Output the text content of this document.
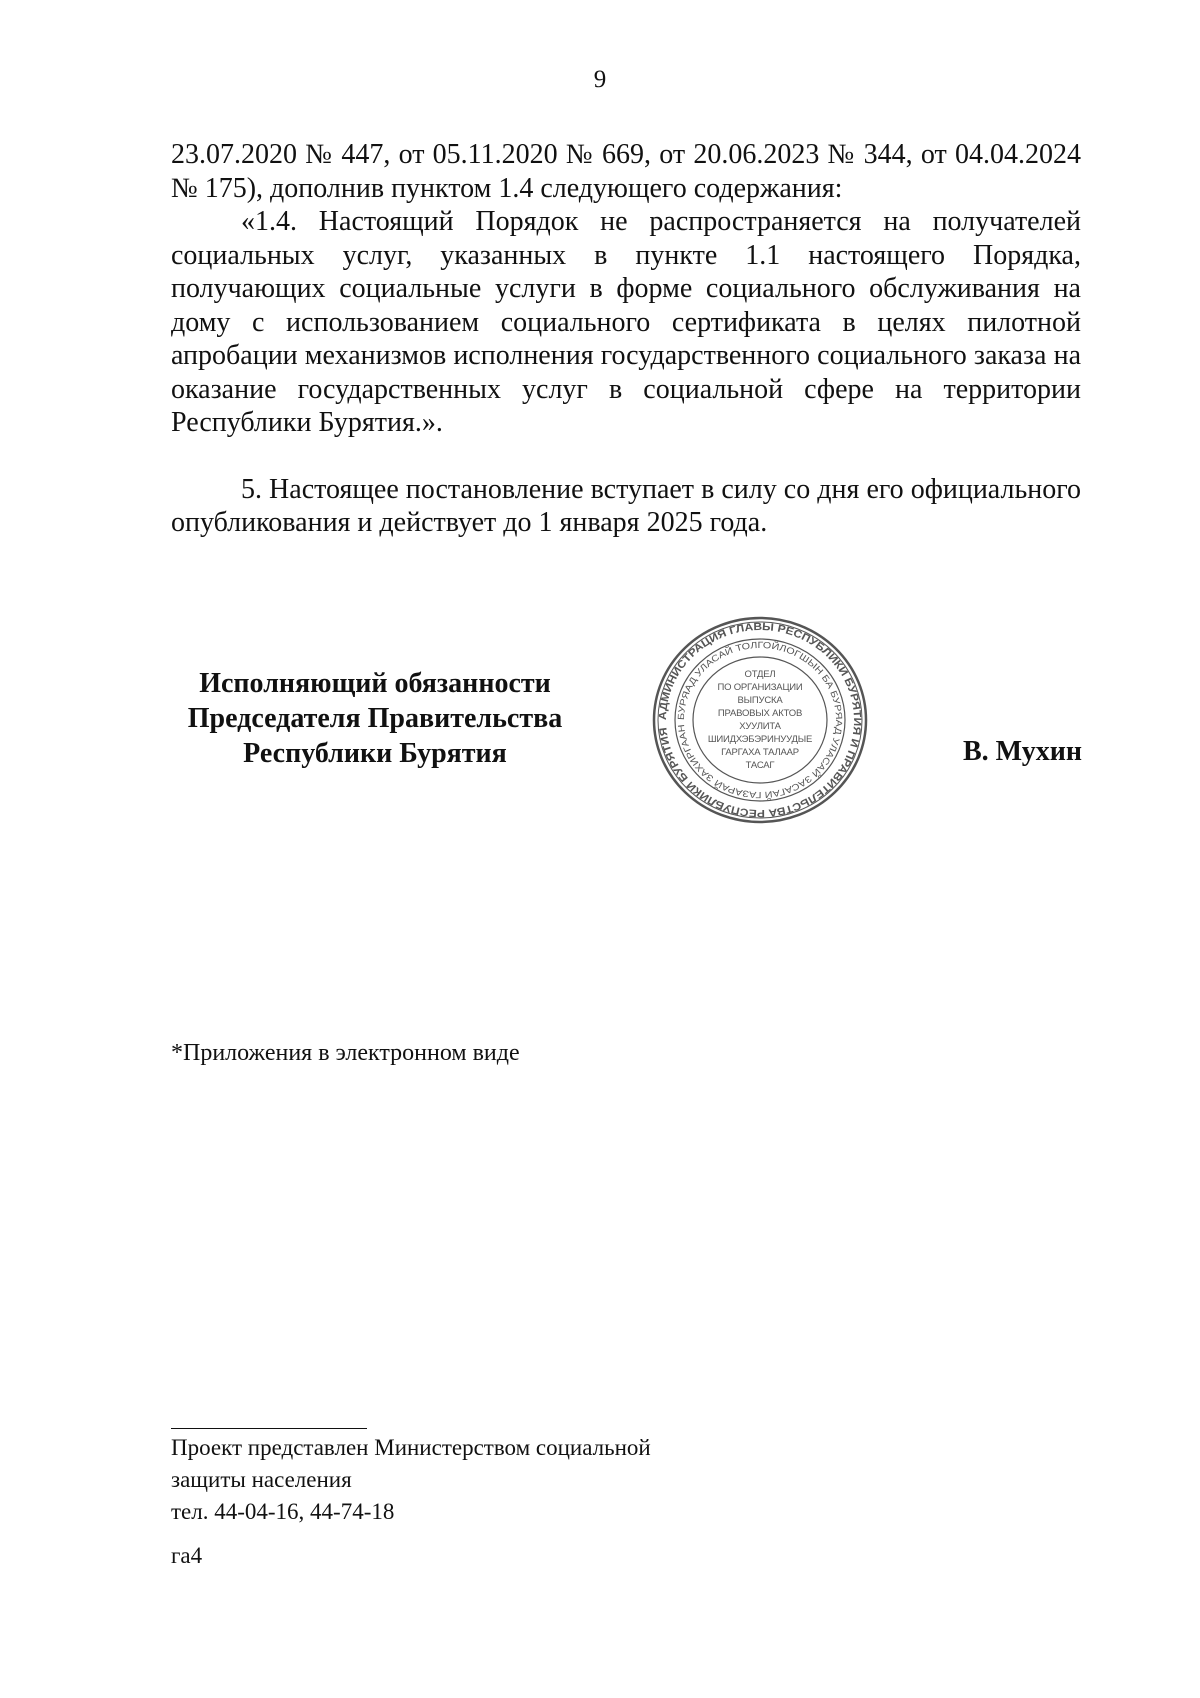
9

23.07.2020 № 447, от 05.11.2020 № 669, от 20.06.2023 № 344, от 04.04.2024 № 175), дополнив пунктом 1.4 следующего содержания:

«1.4. Настоящий Порядок не распространяется на получателей социальных услуг, указанных в пункте 1.1 настоящего Порядка, получающих социальные услуги в форме социального обслуживания на дому с использованием социального сертификата в целях пилотной апробации механизмов исполнения государственного социального заказа на оказание государственных услуг в социальной сфере на территории Республики Бурятия.».

5. Настоящее постановление вступает в силу со дня его официального опубликования и действует до 1 января 2025 года.

Исполняющий обязанности
Председателя Правительства
Республики Бурятия
АДМИНИСТРАЦИЯ ГЛАВЫ РЕСПУБЛИКИ БУРЯТИЯ И ПРАВИТЕЛЬСТВА РЕСПУБЛИКИ БУРЯТИЯ
БУРЯАД УЛАСАЙ ТОЛГОЙЛОГШЫН БА БУРЯАД УЛАСАЙ ЗАСАГАЙ ГАЗАРАЙ ЗАХИРГААН
ОТДЕЛ
ПО ОРГАНИЗАЦИИ
ВЫПУСКА
ПРАВОВЫХ АКТОВ
ХУУЛИТА
ШИИДХЭБЭРИНУУДЫЕ
ГАРГАХА ТАЛААР
ТАСАГ	В. Мухин
*Приложения в электронном виде
Проект представлен Министерством социальной
защиты населения
тел. 44-04-16, 44-74-18
га4
